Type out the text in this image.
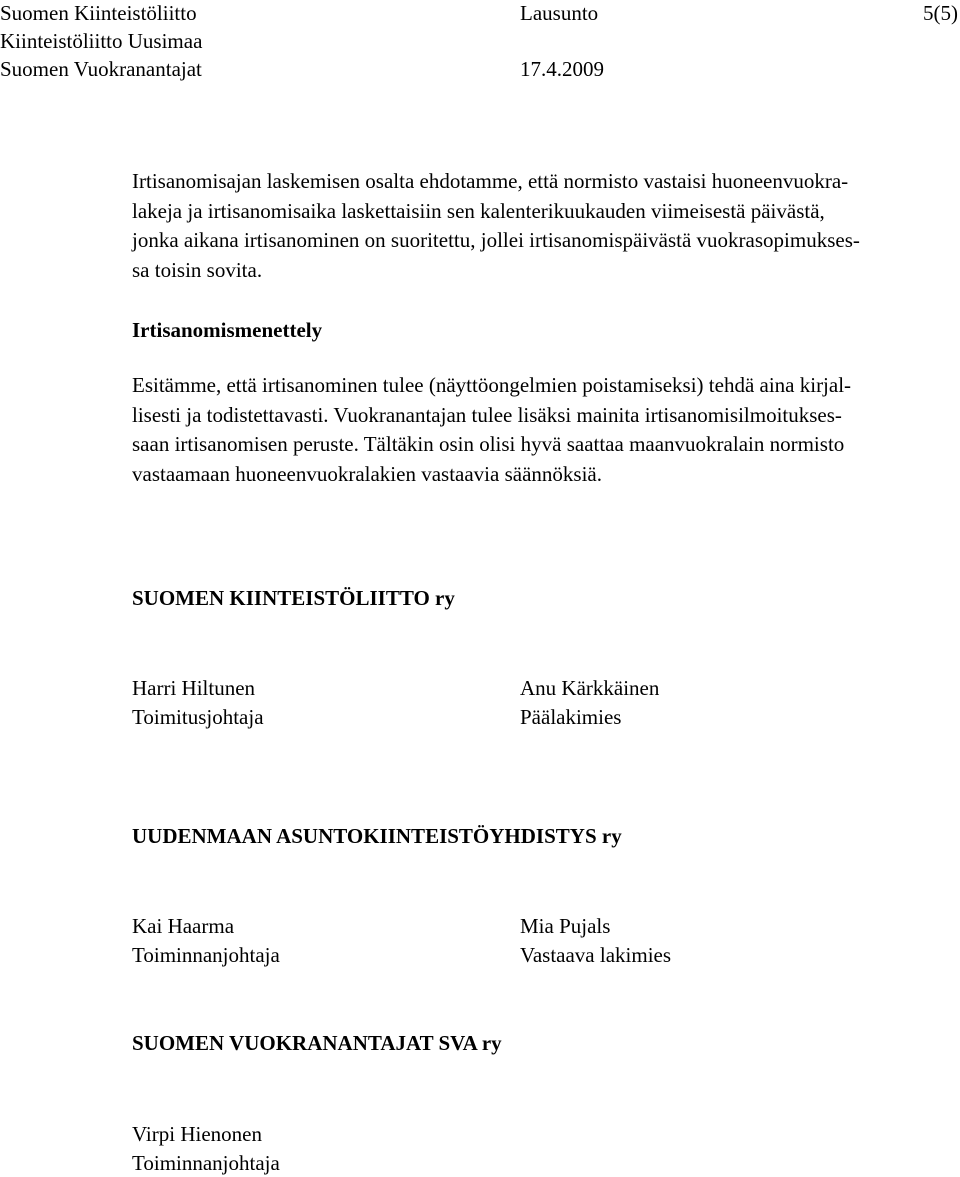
Suomen Kiinteistöliitto
Kiinteistöliitto Uusimaa
Suomen Vuokranantajat
Lausunto
17.4.2009
5(5)
Irtisanomisajan laskemisen osalta ehdotamme, että normisto vastaisi huoneenvuokra-
lakeja ja irtisanomisaika laskettaisiin sen kalenterikuukauden viimeisestä päivästä,
jonka aikana irtisanominen on suoritettu, jollei irtisanomispäivästä vuokrasopimukses-
sa toisin sovita.
Irtisanomismenettely
Esitämme, että irtisanominen tulee (näyttöongelmien poistamiseksi) tehdä aina kirjal-
lisesti ja todistettavasti. Vuokranantajan tulee lisäksi mainita irtisanomisilmoitukses-
saan irtisanomisen peruste. Tältäkin osin olisi hyvä saattaa maanvuokralain normisto
vastaamaan huoneenvuokralakien vastaavia säännöksiä.
SUOMEN KIINTEISTÖLIITTO ry
Harri Hiltunen
Toimitusjohtaja
Anu Kärkkäinen
Päälakimies
UUDENMAAN ASUNTOKIINTEISTÖYHDISTYS ry
Kai Haarma
Toiminnanjohtaja
Mia Pujals
Vastaava lakimies
SUOMEN VUOKRANANTAJAT SVA ry
Virpi Hienonen
Toiminnanjohtaja
